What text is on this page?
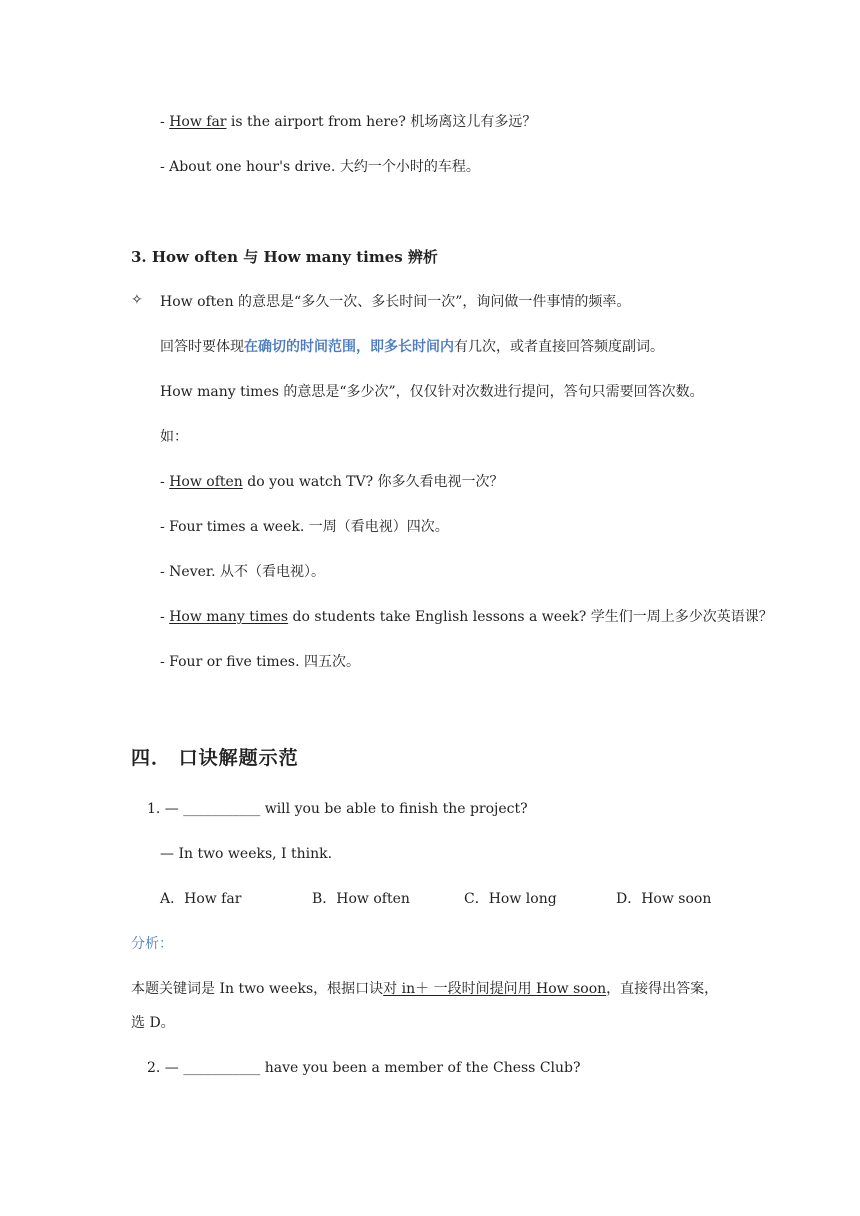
- How far is the airport from here? 机场离这儿有多远？
- About one hour's drive. 大约一个小时的车程。
3. How often 与 How many times 辨析
✧ How often 的意思是“多久一次、多长时间一次”，询问做一件事情的频率。
回答时要体现在确切的时间范围，即多长时间内有几次，或者直接回答频度副词。
How many times 的意思是“多少次”，仅仅针对次数进行提问，答句只需要回答次数。
如：
- How often do you watch TV? 你多久看电视一次？
- Four times a week. 一周（看电视）四次。
- Never. 从不（看电视）。
- How many times do students take English lessons a week? 学生们一周上多少次英语课？
- Four or five times. 四五次。
四． 口诀解题示范
1. — ___________ will you be able to finish the project?
— In two weeks, I think.
A．How far	B．How often	C．How long	D．How soon
分析：
本题关键词是 In two weeks，根据口诀对 in＋ 一段时间提问用 How soon，直接得出答案，
选 D。
2. — ___________ have you been a member of the Chess Club?
